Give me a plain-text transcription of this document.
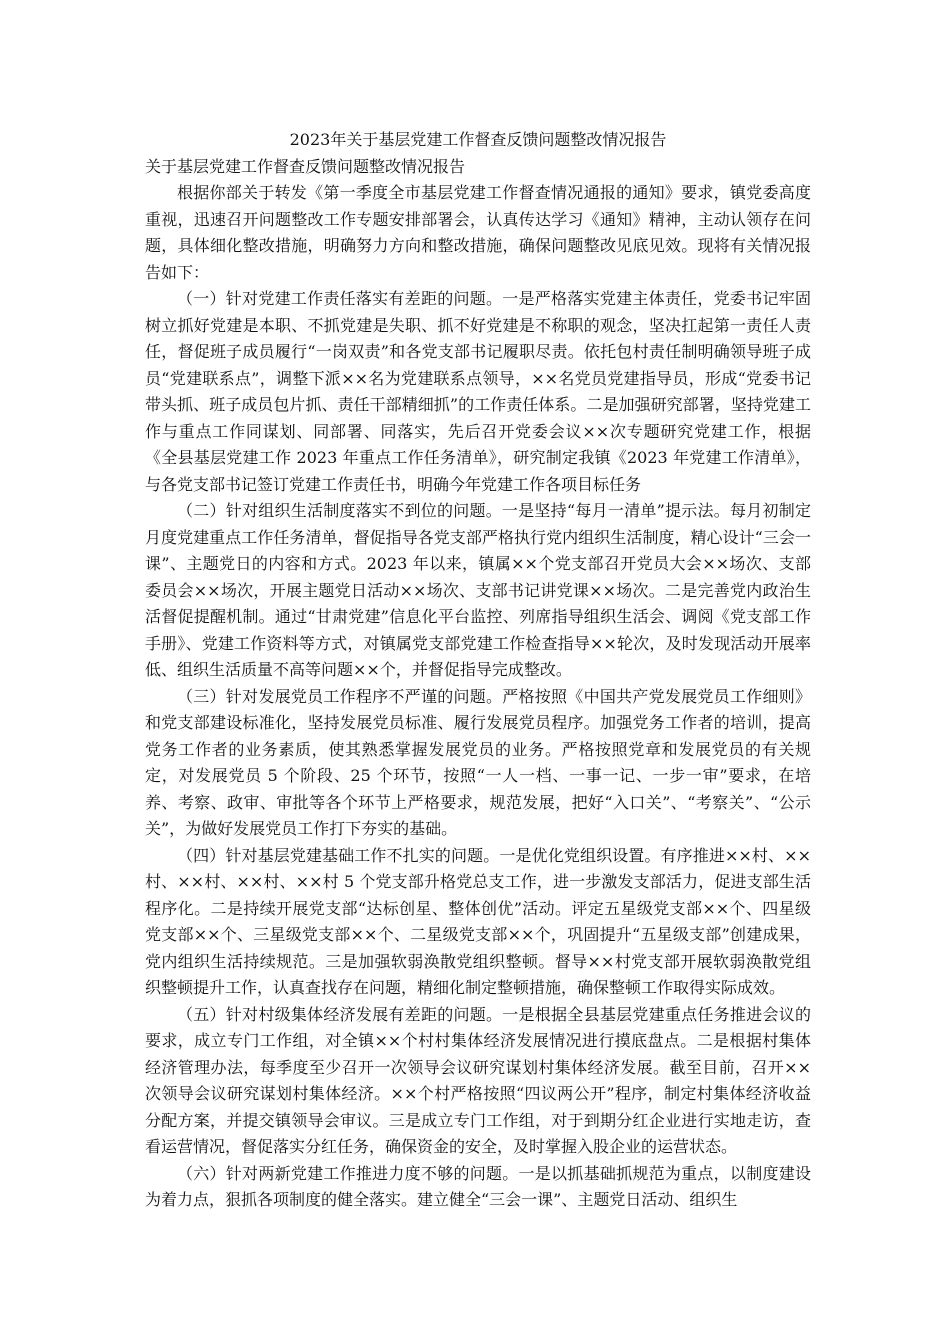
2023年关于基层党建工作督查反馈问题整改情况报告
关于基层党建工作督查反馈问题整改情况报告

根据你部关于转发《第一季度全市基层党建工作督查情况通报的通知》要求，镇党委高度重视，迅速召开问题整改工作专题安排部署会，认真传达学习《通知》精神，主动认领存在问题，具体细化整改措施，明确努力方向和整改措施，确保问题整改见底见效。现将有关情况报告如下：

（一）针对党建工作责任落实有差距的问题。一是严格落实党建主体责任，党委书记牢固树立抓好党建是本职、不抓党建是失职、抓不好党建是不称职的观念，坚决扛起第一责任人责任，督促班子成员履行“一岗双责”和各党支部书记履职尽责。依托包村责任制明确领导班子成员“党建联系点”，调整下派××名为党建联系点领导，××名党员党建指导员，形成“党委书记带头抓、班子成员包片抓、责任干部精细抓”的工作责任体系。二是加强研究部署，坚持党建工作与重点工作同谋划、同部署、同落实，先后召开党委会议××次专题研究党建工作，根据《全县基层党建工作 2023 年重点工作任务清单》，研究制定我镇《2023 年党建工作清单》，与各党支部书记签订党建工作责任书，明确今年党建工作各项目标任务

（二）针对组织生活制度落实不到位的问题。一是坚持“每月一清单”提示法。每月初制定月度党建重点工作任务清单，督促指导各党支部严格执行党内组织生活制度，精心设计“三会一课”、主题党日的内容和方式。2023 年以来，镇属××个党支部召开党员大会××场次、支部委员会××场次，开展主题党日活动××场次、支部书记讲党课××场次。二是完善党内政治生活督促提醒机制。通过“甘肃党建”信息化平台监控、列席指导组织生活会、调阅《党支部工作手册》、党建工作资料等方式，对镇属党支部党建工作检查指导××轮次，及时发现活动开展率低、组织生活质量不高等问题××个，并督促指导完成整改。

（三）针对发展党员工作程序不严谨的问题。严格按照《中国共产党发展党员工作细则》和党支部建设标准化，坚持发展党员标准、履行发展党员程序。加强党务工作者的培训，提高党务工作者的业务素质，使其熟悉掌握发展党员的业务。严格按照党章和发展党员的有关规定，对发展党员 5 个阶段、25 个环节，按照“一人一档、一事一记、一步一审”要求，在培养、考察、政审、审批等各个环节上严格要求，规范发展，把好“入口关”、“考察关”、“公示关”，为做好发展党员工作打下夯实的基础。

（四）针对基层党建基础工作不扎实的问题。一是优化党组织设置。有序推进××村、××村、××村、××村、××村 5 个党支部升格党总支工作，进一步激发支部活力，促进支部生活程序化。二是持续开展党支部“达标创星、整体创优”活动。评定五星级党支部××个、四星级党支部××个、三星级党支部××个、二星级党支部××个，巩固提升“五星级支部”创建成果，党内组织生活持续规范。三是加强软弱涣散党组织整顿。督导××村党支部开展软弱涣散党组织整顿提升工作，认真查找存在问题，精细化制定整顿措施，确保整顿工作取得实际成效。

（五）针对村级集体经济发展有差距的问题。一是根据全县基层党建重点任务推进会议的要求，成立专门工作组，对全镇××个村村集体经济发展情况进行摸底盘点。二是根据村集体经济管理办法，每季度至少召开一次领导会议研究谋划村集体经济发展。截至目前，召开××次领导会议研究谋划村集体经济。××个村严格按照“四议两公开”程序，制定村集体经济收益分配方案，并提交镇领导会审议。三是成立专门工作组，对于到期分红企业进行实地走访，查看运营情况，督促落实分红任务，确保资金的安全，及时掌握入股企业的运营状态。

（六）针对两新党建工作推进力度不够的问题。一是以抓基础抓规范为重点，以制度建设为着力点，狠抓各项制度的健全落实。建立健全“三会一课”、主题党日活动、组织生
